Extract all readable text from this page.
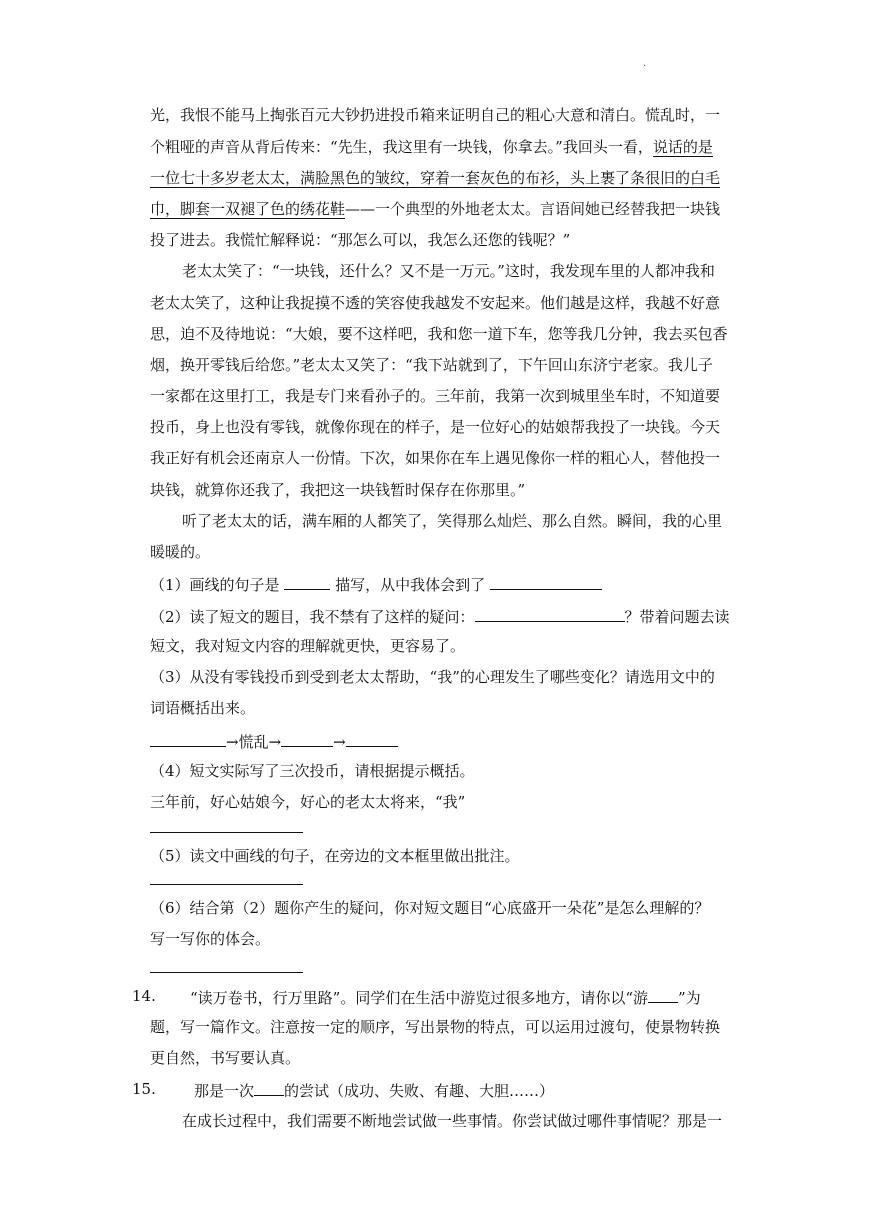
.
光，我恨不能马上掏张百元大钞扔进投币箱来证明自己的粗心大意和清白。慌乱时，一
个粗哑的声音从背后传来：“先生，我这里有一块钱，你拿去。”我回头一看，说话的是
一位七十多岁老太太，满脸黑色的皱纹，穿着一套灰色的布衫，头上裹了条很旧的白毛
巾，脚套一双褪了色的绣花鞋——一个典型的外地老太太。言语间她已经替我把一块钱
投了进去。我慌忙解释说：“那怎么可以，我怎么还您的钱呢？”
老太太笑了：“一块钱，还什么？又不是一万元。”这时，我发现车里的人都冲我和
老太太笑了，这种让我捉摸不透的笑容使我越发不安起来。他们越是这样，我越不好意
思，迫不及待地说：“大娘，要不这样吧，我和您一道下车，您等我几分钟，我去买包香
烟，换开零钱后给您。”老太太又笑了：“我下站就到了，下午回山东济宁老家。我儿子
一家都在这里打工，我是专门来看孙子的。三年前，我第一次到城里坐车时，不知道要
投币，身上也没有零钱，就像你现在的样子，是一位好心的姑娘帮我投了一块钱。今天
我正好有机会还南京人一份情。下次，如果你在车上遇见像你一样的粗心人，替他投一
块钱，就算你还我了，我把这一块钱暂时保存在你那里。”
听了老太太的话，满车厢的人都笑了，笑得那么灿烂、那么自然。瞬间，我的心里
暖暖的。
（1）画线的句子是	描写，从中我体会到了
（2）读了短文的题目，我不禁有了这样的疑问：	？带着问题去读
短文，我对短文内容的理解就更快，更容易了。
（3）从没有零钱投币到受到老太太帮助，“我”的心理发生了哪些变化？请选用文中的
词语概括出来。
→慌乱→	→
（4）短文实际写了三次投币，请根据提示概括。
三年前，好心姑娘今，好心的老太太将来，“我”
（5）读文中画线的句子，在旁边的文本框里做出批注。
（6）结合第（2）题你产生的疑问，你对短文题目“心底盛开一朵花”是怎么理解的？
写一写你的体会。
14. “读万卷书，行万里路”。同学们在生活中游览过很多地方，请你以“游 ”为
题，写一篇作文。注意按一定的顺序，写出景物的特点，可以运用过渡句，使景物转换
更自然，书写要认真。
15.	那是一次 的尝试（成功、失败、有趣、大胆……）
在成长过程中，我们需要不断地尝试做一些事情。你尝试做过哪件事情呢？那是一
